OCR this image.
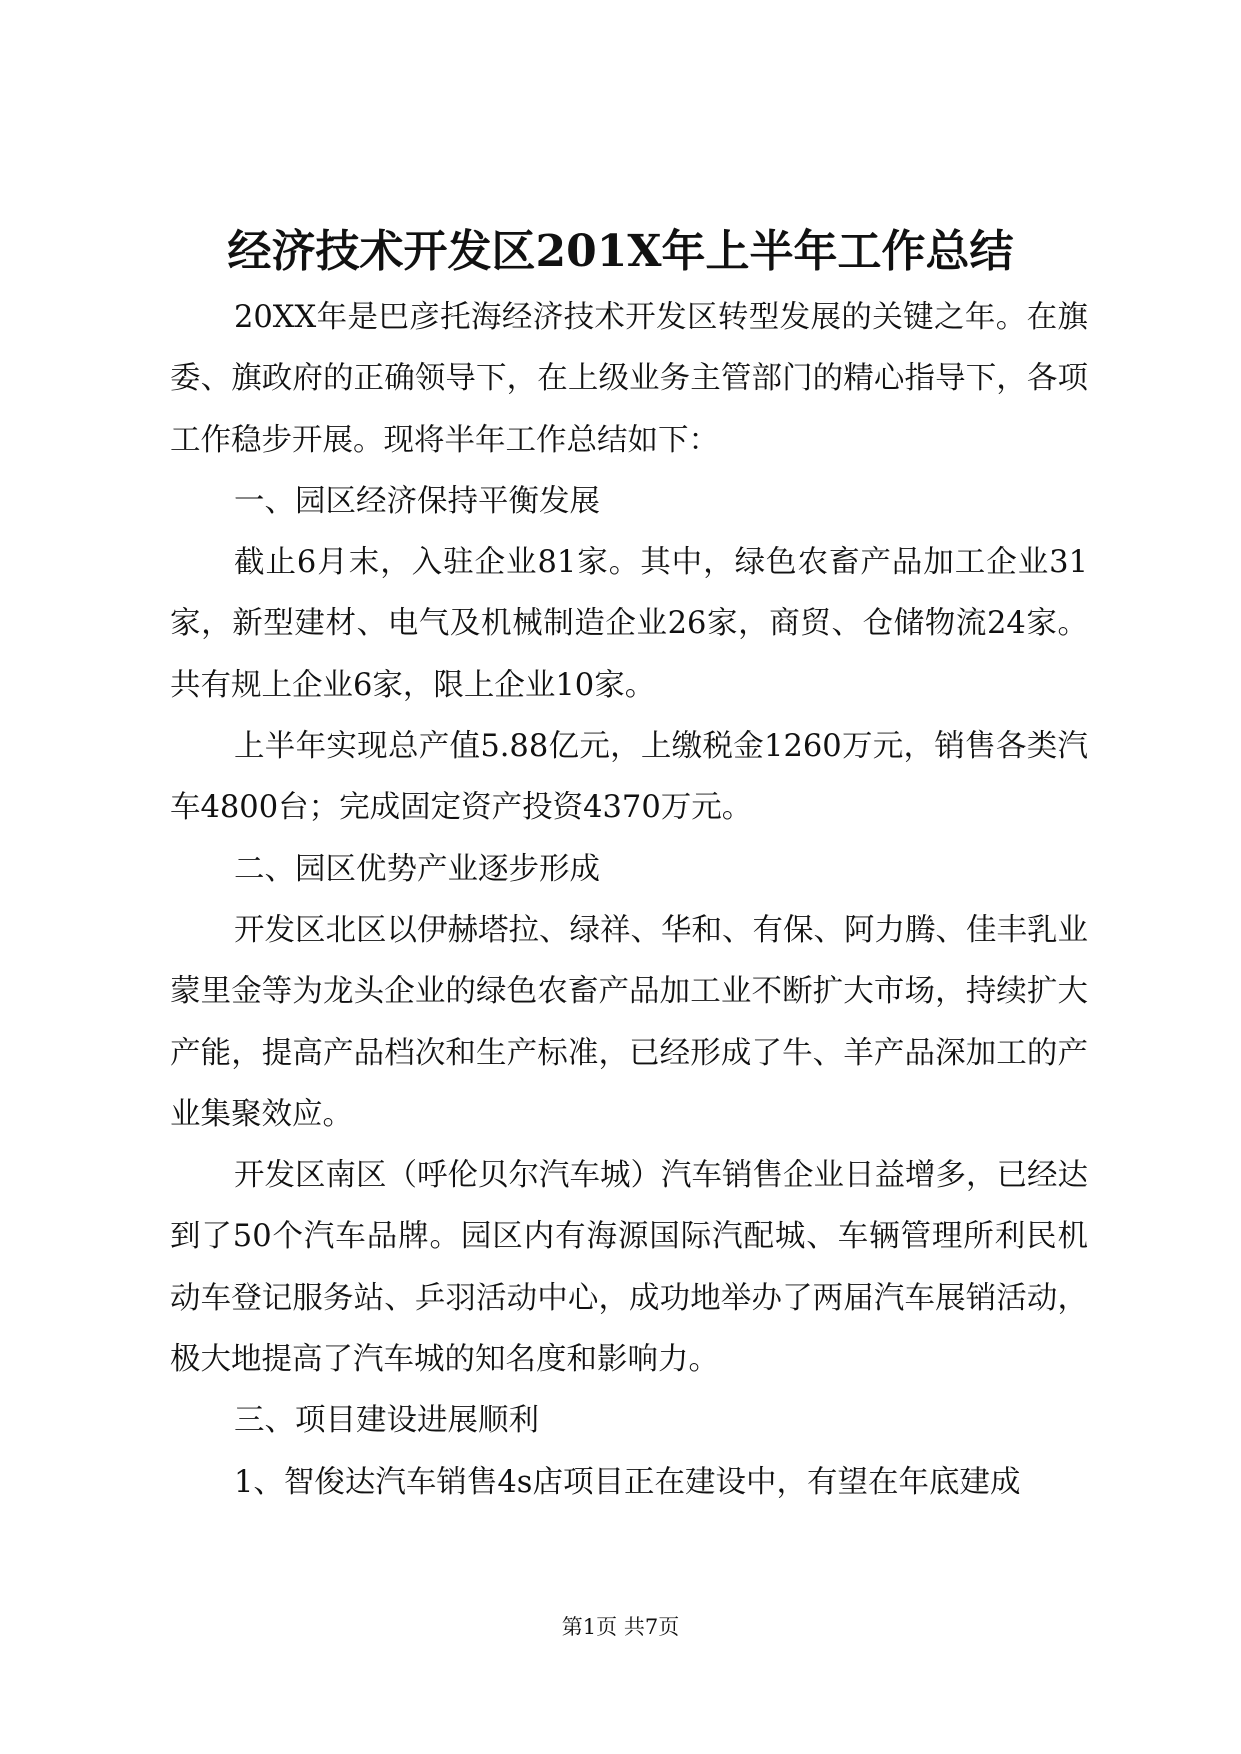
经济技术开发区201X年上半年工作总结

20XX年是巴彦托海经济技术开发区转型发展的关键之年。在旗委、旗政府的正确领导下，在上级业务主管部门的精心指导下，各项工作稳步开展。现将半年工作总结如下：

一、园区经济保持平衡发展

截止6月末，入驻企业81家。其中，绿色农畜产品加工企业31家，新型建材、电气及机械制造企业26家，商贸、仓储物流24家。共有规上企业6家，限上企业10家。

上半年实现总产值5.88亿元，上缴税金1260万元，销售各类汽车4800台；完成固定资产投资4370万元。

二、园区优势产业逐步形成

开发区北区以伊赫塔拉、绿祥、华和、有保、阿力腾、佳丰乳业蒙里金等为龙头企业的绿色农畜产品加工业不断扩大市场，持续扩大产能，提高产品档次和生产标准，已经形成了牛、羊产品深加工的产业集聚效应。

开发区南区（呼伦贝尔汽车城）汽车销售企业日益增多，已经达到了50个汽车品牌。园区内有海源国际汽配城、车辆管理所利民机动车登记服务站、乒羽活动中心，成功地举办了两届汽车展销活动，极大地提高了汽车城的知名度和影响力。

三、项目建设进展顺利

1、智俊达汽车销售4s店项目正在建设中，有望在年底建成

第1页 共7页
